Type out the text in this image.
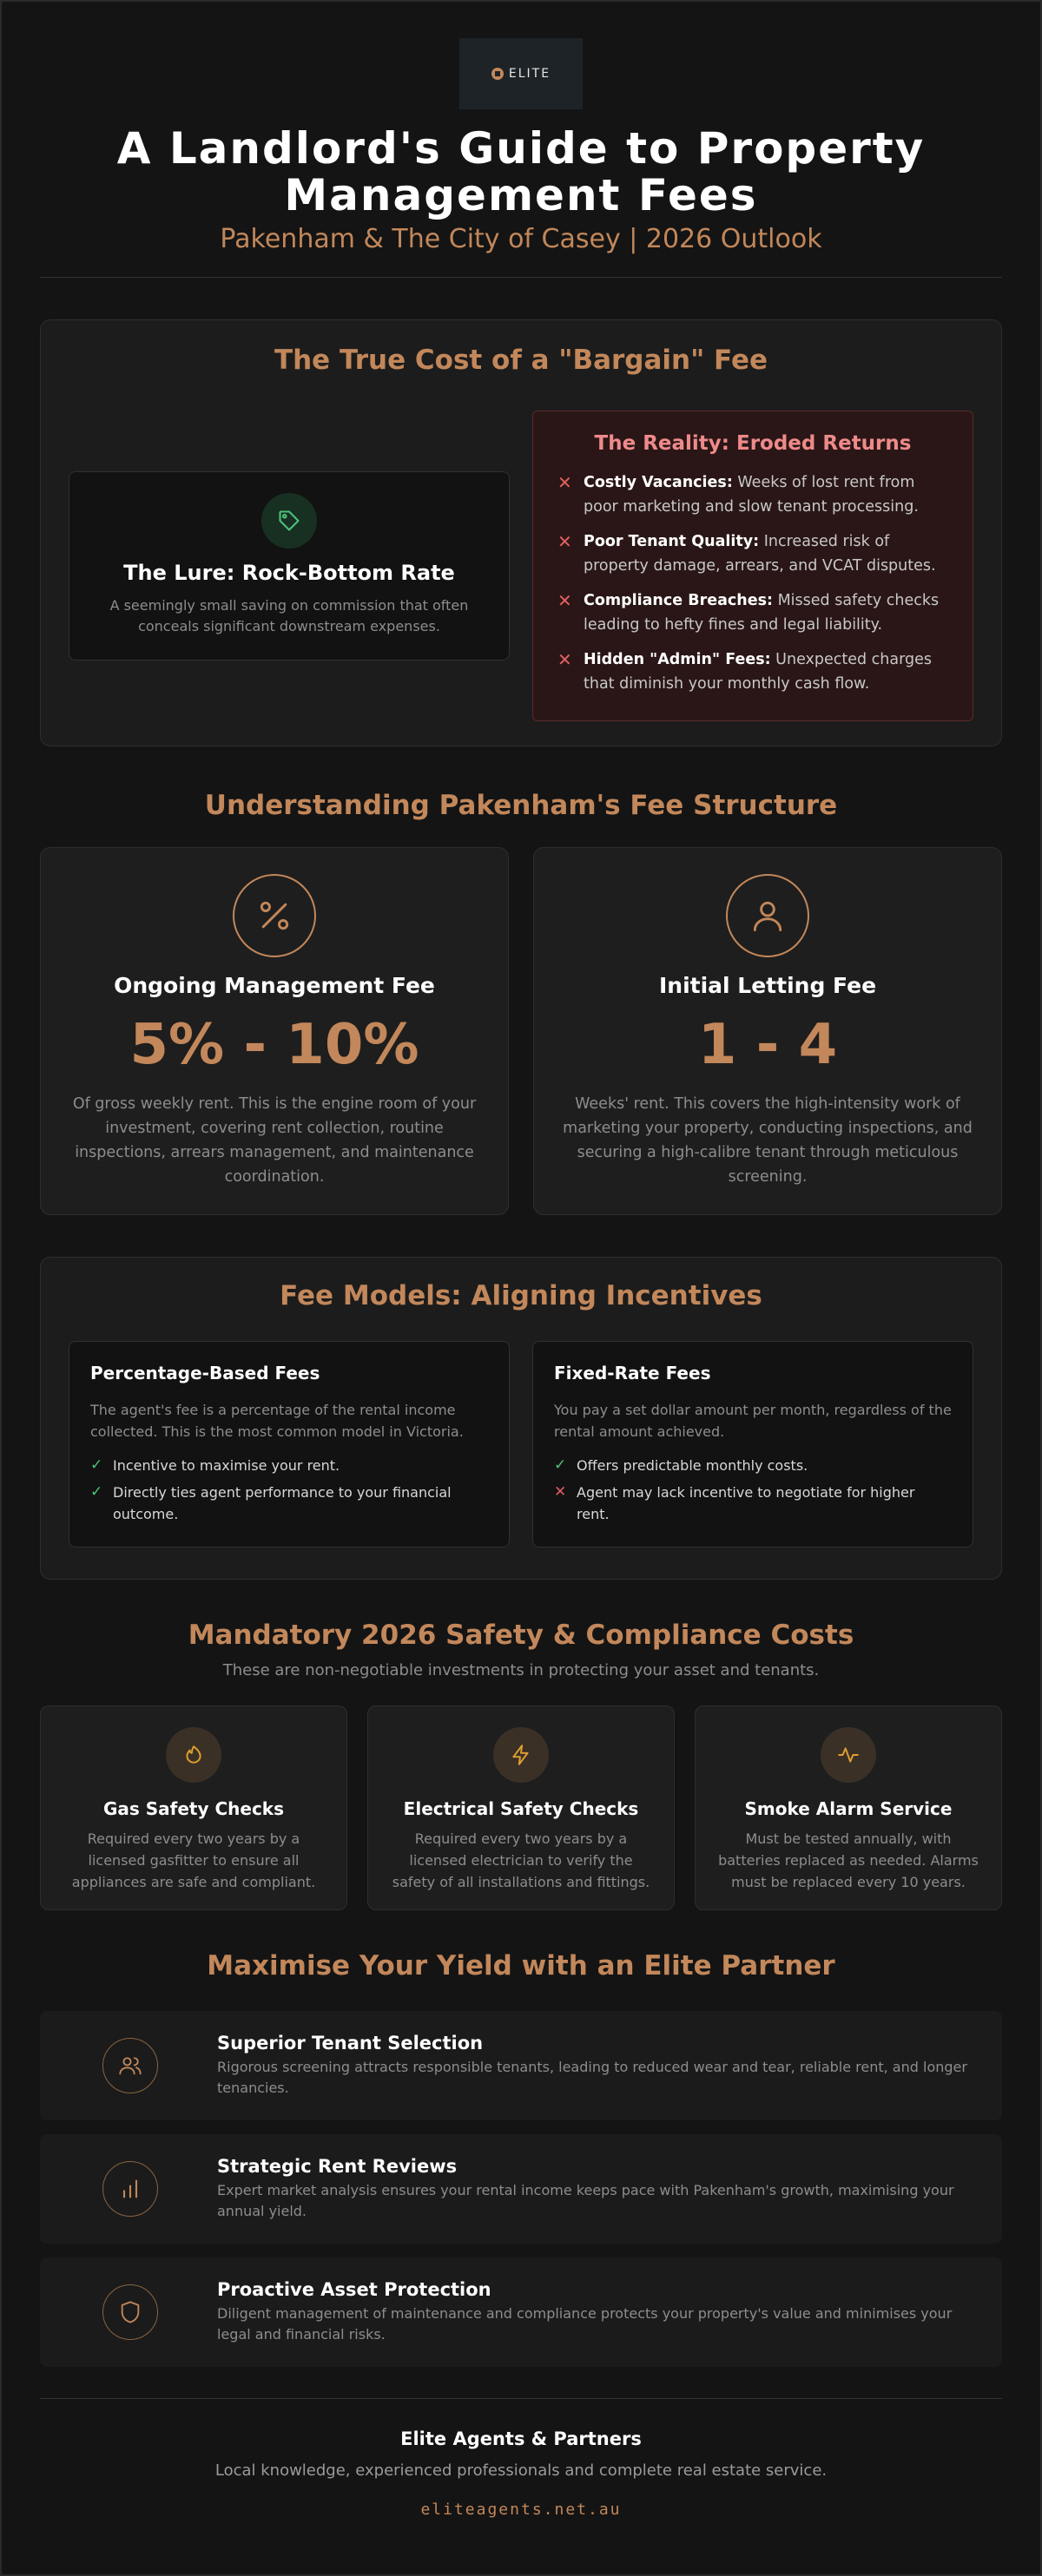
ELITE
A Landlord's Guide to Property Management Fees
Pakenham & The City of Casey | 2026 Outlook
The True Cost of a "Bargain" Fee
The Lure: Rock-Bottom Rate

A seemingly small saving on commission that often conceals significant downstream expenses.

The Reality: Eroded Returns
✕ Costly Vacancies: Weeks of lost rent from poor marketing and slow tenant processing.
✕ Poor Tenant Quality: Increased risk of property damage, arrears, and VCAT disputes.
✕ Compliance Breaches: Missed safety checks leading to hefty fines and legal liability.
✕ Hidden "Admin" Fees: Unexpected charges that diminish your monthly cash flow.
Understanding Pakenham's Fee Structure
Ongoing Management Fee
5% - 10%

Of gross weekly rent. This is the engine room of your investment, covering rent collection, routine inspections, arrears management, and maintenance coordination.

Initial Letting Fee
1 - 4

Weeks' rent. This covers the high-intensity work of marketing your property, conducting inspections, and securing a high-calibre tenant through meticulous screening.

Fee Models: Aligning Incentives
Percentage-Based Fees

The agent's fee is a percentage of the rental income collected. This is the most common model in Victoria.

✓ Incentive to maximise your rent.
✓ Directly ties agent performance to your financial outcome.
Fixed-Rate Fees

You pay a set dollar amount per month, regardless of the rental amount achieved.

✓ Offers predictable monthly costs.
✕ Agent may lack incentive to negotiate for higher rent.
Mandatory 2026 Safety & Compliance Costs
These are non-negotiable investments in protecting your asset and tenants.
Gas Safety Checks

Required every two years by a licensed gasfitter to ensure all appliances are safe and compliant.

Electrical Safety Checks

Required every two years by a licensed electrician to verify the safety of all installations and fittings.

Smoke Alarm Service

Must be tested annually, with batteries replaced as needed. Alarms must be replaced every 10 years.

Maximise Your Yield with an Elite Partner
Superior Tenant Selection

Rigorous screening attracts responsible tenants, leading to reduced wear and tear, reliable rent, and longer tenancies.

Strategic Rent Reviews

Expert market analysis ensures your rental income keeps pace with Pakenham's growth, maximising your annual yield.

Proactive Asset Protection

Diligent management of maintenance and compliance protects your property's value and minimises your legal and financial risks.

Elite Agents & Partners

Local knowledge, experienced professionals and complete real estate service.

eliteagents.net.au
